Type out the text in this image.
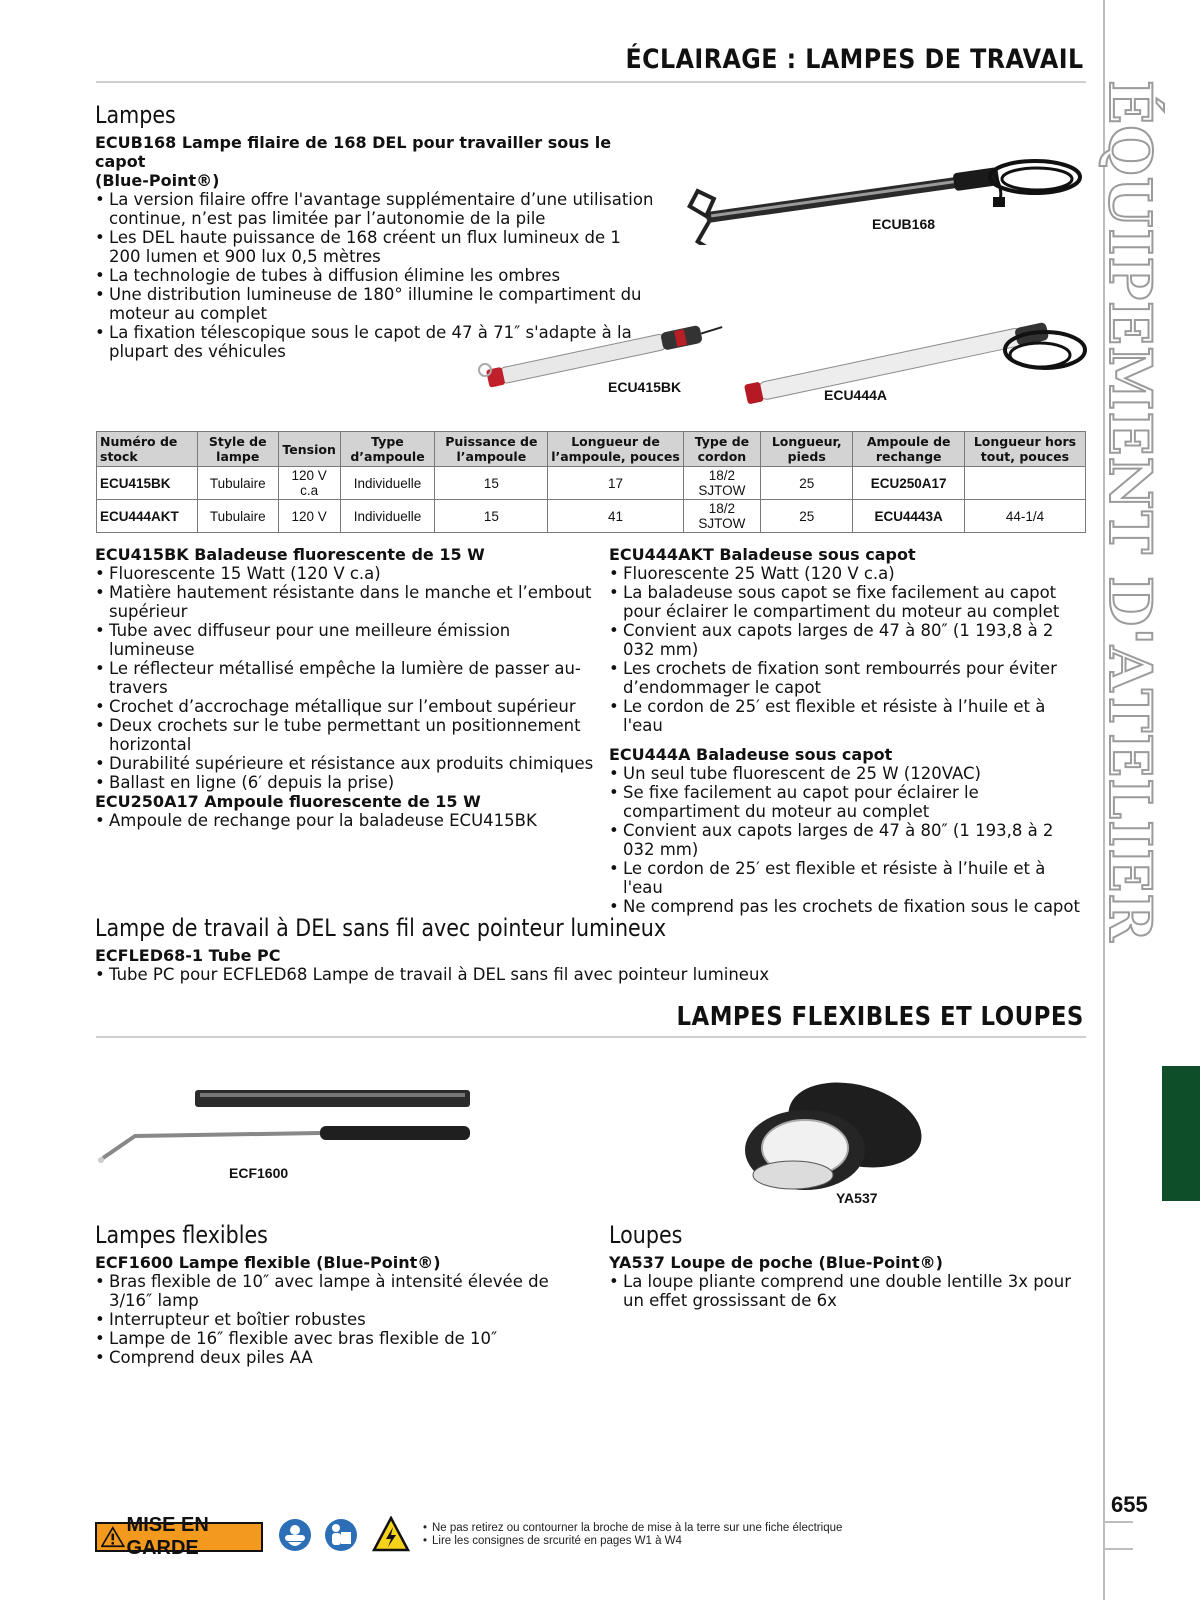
ÉCLAIRAGE : LAMPES DE TRAVAIL
ÉQUIPEMENT D'ATELIER
655
Lampes

ECUB168 Lampe filaire de 168 DEL pour travailler sous le capot

(Blue-Point®)

• La version filaire offre l'avantage supplémentaire d’une utilisation continue, n’est pas limitée par l’autonomie de la pile
• Les DEL haute puissance de 168 créent un flux lumineux de 1 200 lumen et 900 lux 0,5 mètres
• La technologie de tubes à diffusion élimine les ombres
• Une distribution lumineuse de 180° illumine le compartiment du moteur au complet
• La fixation télescopique sous le capot de 47 à 71″ s'adapte à la plupart des véhicules
ECUB168
ECU415BK	ECU444A
Numéro de stock	Style de lampe	Tension	Type d’ampoule	Puissance de l’ampoule	Longueur de l’ampoule, pouces	Type de cordon	Longueur, pieds	Ampoule de rechange	Longueur hors tout, pouces
ECU415BK	Tubulaire	120 V c.a	Individuelle	15	17	18/2 SJTOW	25	ECU250A17	
ECU444AKT	Tubulaire	120 V	Individuelle	15	41	18/2 SJTOW	25	ECU4443A	44-1/4

ECU415BK Baladeuse fluorescente de 15 W

• Fluorescente 15 Watt (120 V c.a)
• Matière hautement résistante dans le manche et l’embout supérieur
• Tube avec diffuseur pour une meilleure émission lumineuse
• Le réflecteur métallisé empêche la lumière de passer au-travers
• Crochet d’accrochage métallique sur l’embout supérieur
• Deux crochets sur le tube permettant un positionnement horizontal
• Durabilité supérieure et résistance aux produits chimiques
• Ballast en ligne (6′ depuis la prise)

ECU250A17 Ampoule fluorescente de 15 W

• Ampoule de rechange pour la baladeuse ECU415BK

ECU444AKT Baladeuse sous capot

• Fluorescente 25 Watt (120 V c.a)
• La baladeuse sous capot se fixe facilement au capot pour éclairer le compartiment du moteur au complet
• Convient aux capots larges de 47 à 80″ (1 193,8 à 2 032 mm)
• Les crochets de fixation sont rembourrés pour éviter d’endommager le capot
• Le cordon de 25′ est flexible et résiste à l’huile et à l'eau

ECU444A Baladeuse sous capot

• Un seul tube fluorescent de 25 W (120VAC)
• Se fixe facilement au capot pour éclairer le compartiment du moteur au complet
• Convient aux capots larges de 47 à 80″ (1 193,8 à 2 032 mm)
• Le cordon de 25′ est flexible et résiste à l’huile et à l'eau
• Ne comprend pas les crochets de fixation sous le capot
Lampe de travail à DEL sans fil avec pointeur lumineux

ECFLED68-1 Tube PC

• Tube PC pour ECFLED68 Lampe de travail à DEL sans fil avec pointeur lumineux
LAMPES FLEXIBLES ET LOUPES
ECF1600
YA537
Lampes flexibles

ECF1600 Lampe flexible (Blue-Point®)

• Bras flexible de 10″ avec lampe à intensité élevée de 3/16″ lamp
• Interrupteur et boîtier robustes
• Lampe de 16″ flexible avec bras flexible de 10″
• Comprend deux piles AA
Loupes

YA537 Loupe de poche (Blue-Point®)

• La loupe pliante comprend une double lentille 3x pour un effet grossissant de 6x
MISE EN GARDE
• Ne pas retirez ou contourner la broche de mise à la terre sur une fiche électrique
• Lire les consignes de srcurité en pages W1 à W4
